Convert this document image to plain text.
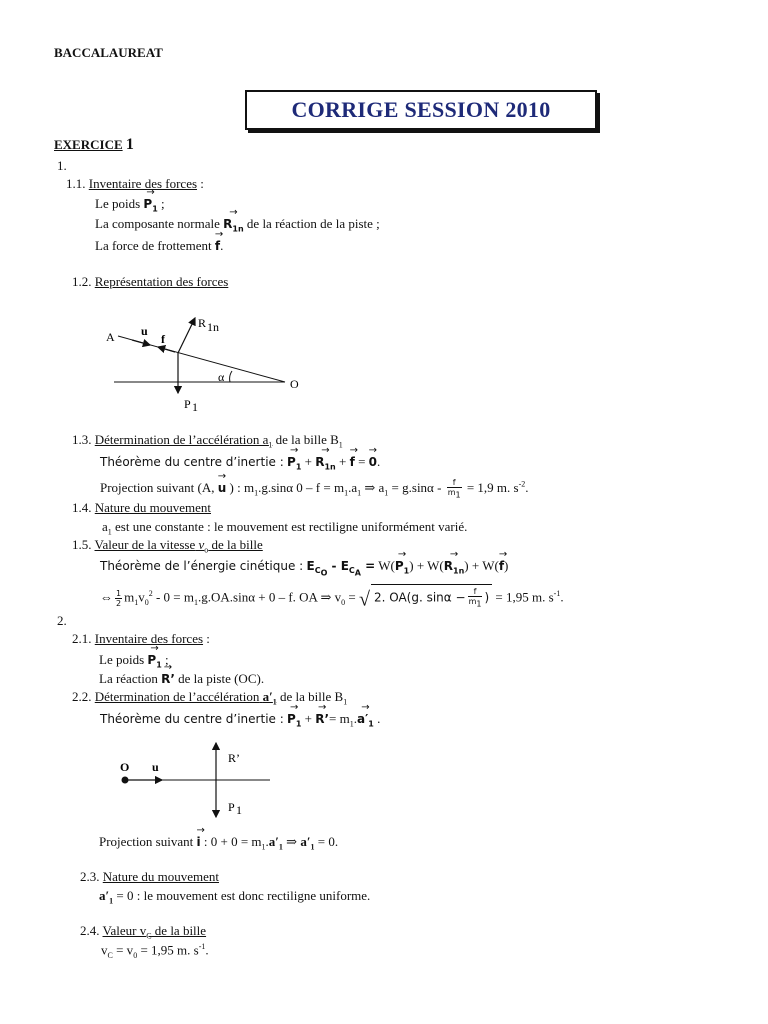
BACCALAUREAT
CORRIGE SESSION 2010
EXERCICE 1
1.
1.1. Inventaire des forces :
Le poids → $P_1$ ;
La composante normale → $R_{1n}$ de la réaction de la piste ;
La force de frottement → f.
1.2. Représentation des forces
A
O
u
f
R 1n
P 1
α
1.3. Détermination de l’accélération $a_1$ de la bille $B_1$
Théorème du centre d’inertie : → $P_1$ + → $R_{1n}$ + → f = → 0.
Projection suivant (A, → u ) : $m_1.g.\sin\alpha$ $0 - f = m_1.a_1$ ⇒ $a_1 = g.\sin\alpha - \frac{f}{m_1} = 1,9$ m. $s^{-2}$.
1.4. Nature du mouvement
$a_1$ est une constante : le mouvement est rectiligne uniformément varié.
1.5. Valeur de la vitesse $v_o$ de la bille
Théorème de l’énergie cinétique : $E_{C_O} - E_{C_A} = W(\to P_1) + W(\to R_{1n}) + W(\to f)$
⇔ $\frac{1}{2} m_1v_0^2 - 0 = m_1.g.OA.\sin\alpha + 0 - f$. OA ⇒ $v_0$ = √ 2. OA(g. $\sin\alpha - \frac{f}{m_1}$ ) = 1,95 m. $s^{-1}$.
2.
2.1. Inventaire des forces :
Le poids → $P_1$ ;
La réaction → R’ de la piste (OC).
2.2. Détermination de l’accélération $a'_1$ de la bille $B_1$
Théorème du centre d’inertie : → $P_1$ + → R’= $m_1.\to a'_1$ .
O u
R’
P 1
Projection suivant → i : $0 + 0 = m_1.a'_1$ ⇒ $a'_1 = 0$.
2.3. Nature du mouvement
$a'_1 = 0$ : le mouvement est donc rectiligne uniforme.
2.4. Valeur $v_C$ de la bille
$v_C = v_0 = 1,95$ m. $s^{-1}$.
